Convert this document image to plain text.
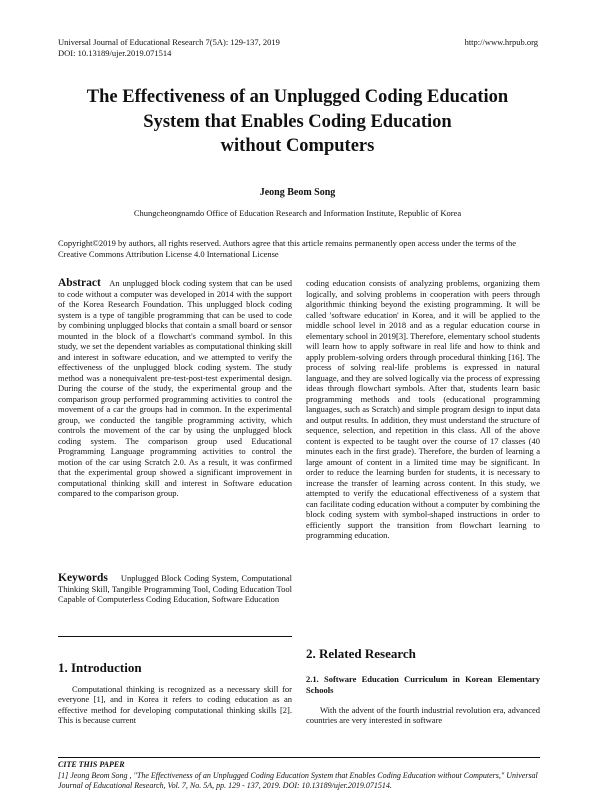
Universal Journal of Educational Research 7(5A): 129-137, 2019
DOI: 10.13189/ujer.2019.071514
http://www.hrpub.org
The Effectiveness of an Unplugged Coding Education
System that Enables Coding Education
without Computers
Jeong Beom Song
Chungcheongnamdo Office of Education Research and Information Institute, Republic of Korea
Copyright©2019 by authors, all rights reserved. Authors agree that this article remains permanently open access under the terms of the Creative Commons Attribution License 4.0 International License

Abstract An unplugged block coding system that can be used to code without a computer was developed in 2014 with the support of the Korea Research Foundation. This unplugged block coding system is a type of tangible programming that can be used to code by combining unplugged blocks that contain a small board or sensor mounted in the block of a flowchart's command symbol. In this study, we set the dependent variables as computational thinking skill and interest in software education, and we attempted to verify the effectiveness of the unplugged block coding system. The study method was a nonequivalent pre-test-post-test experimental design. During the course of the study, the experimental group and the comparison group performed programming activities to control the movement of a car the groups had in common. In the experimental group, we conducted the tangible programming activity, which controls the movement of the car by using the unplugged block coding system. The comparison group used Educational Programming Language programming activities to control the motion of the car using Scratch 2.0. As a result, it was confirmed that the experimental group showed a significant improvement in computational thinking skill and interest in Software education compared to the comparison group.

Keywords Unplugged Block Coding System, Computational Thinking Skill, Tangible Programming Tool, Coding Education Tool Capable of Computerless Coding Education, Software Education

1. Introduction

Computational thinking is recognized as a necessary skill for everyone [1], and in Korea it refers to coding education as an effective method for developing computational thinking skills [2]. This is because current

coding education consists of analyzing problems, organizing them logically, and solving problems in cooperation with peers through algorithmic thinking beyond the existing programming. It will be called 'software education' in Korea, and it will be applied to the middle school level in 2018 and as a regular education course in elementary school in 2019[3]. Therefore, elementary school students will learn how to apply software in real life and how to think and apply problem-solving orders through procedural thinking [16]. The process of solving real-life problems is expressed in natural language, and they are solved logically via the process of expressing ideas through flowchart symbols. After that, students learn basic programming methods and tools (educational programming languages, such as Scratch) and simple program design to input data and output results. In addition, they must understand the structure of sequence, selection, and repetition in this class. All of the above content is expected to be taught over the course of 17 classes (40 minutes each in the first grade). Therefore, the burden of learning a large amount of content in a limited time may be significant. In order to reduce the learning burden for students, it is necessary to increase the transfer of learning across content. In this study, we attempted to verify the educational effectiveness of a system that can facilitate coding education without a computer by combining the block coding system with symbol-shaped instructions in order to efficiently support the transition from flowchart learning to programming education.

2. Related Research
2.1. Software Education Curriculum in Korean Elementary Schools

With the advent of the fourth industrial revolution era, advanced countries are very interested in software

CITE THIS PAPER
[1] Jeong Beom Song , "The Effectiveness of an Unplugged Coding Education System that Enables Coding Education without Computers," Universal Journal of Educational Research, Vol. 7, No. 5A, pp. 129 - 137, 2019. DOI: 10.13189/ujer.2019.071514.
